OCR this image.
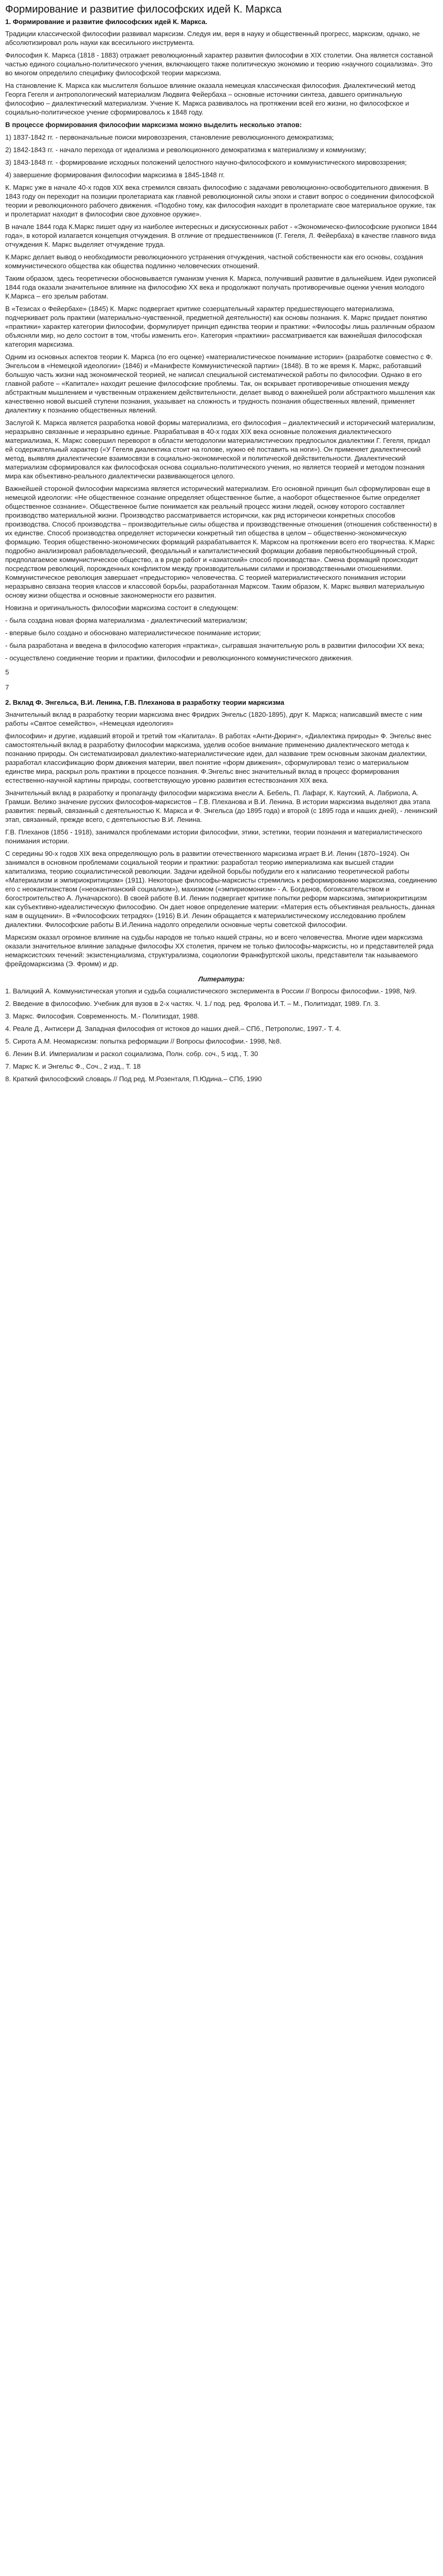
Формирование и развитие философских идей К. Маркса
1. Формирование и развитие философских идей К. Маркса.

Традиции классической философии развивал марксизм. Следуя им, веря в науку и общественный прогресс, марксизм, однако, не абсолютизировал роль науки как всесильного инструмента.

Философия К. Маркса (1818 - 1883) отражает революционный характер развития философии в XIX столетии. Она является составной частью единого социально-политического учения, включающего также политическую экономию и теорию «научного социализма». Это во многом определило специфику философской теории марксизма.

На становление К. Маркса как мыслителя большое влияние оказала немецкая классическая философия. Диалектический метод Георга Гегеля и антропологический материализм Людвига Фейербаха – основные источники синтеза, давшего оригинальную философию – диалектический материализм. Учение К. Маркса развивалось на протяжении всей его жизни, но философское и социально-политическое учение сформировалось к 1848 году.

В процессе формирования философии марксизма можно выделить несколько этапов:

1) 1837-1842 гг. - первоначальные поиски мировоззрения, становление революционного демократизма;

2) 1842-1843 гг. - начало перехода от идеализма и революционного демократизма к материализму и коммунизму;

3) 1843-1848 гг. - формирование исходных положений целостного научно-философского и коммунистического мировоззрения;

4) завершение формирования философии марксизма в 1845-1848 гг.

К. Маркс уже в начале 40-х годов XIX века стремился связать философию с задачами революционно-освободительного движения. В 1843 году он переходит на позиции пролетариата как главной революционной силы эпохи и ставит вопрос о соединении философской теории и революционного рабочего движения. «Подобно тому, как философия находит в пролетариате свое материальное оружие, так и пролетариат находит в философии свое духовное оружие».

В начале 1844 года К.Маркс пишет одну из наиболее интересных и дискуссионных работ - «Экономическо-философские рукописи 1844 года», в которой излагается концепция отчуждения. В отличие от предшественников (Г. Гегеля, Л. Фейербаха) в качестве главного вида отчуждения К. Маркс выделяет отчуждение труда.

К.Маркс делает вывод о необходимости революционного устранения отчуждения, частной собственности как его основы, создания коммунистического общества как общества подлинно человеческих отношений.

Таким образом, здесь теоретически обосновывается гуманизм учения К. Маркса, получивший развитие в дальнейшем. Идеи рукописей 1844 года оказали значительное влияние на философию XX века и продолжают получать противоречивые оценки учения молодого К.Маркса – его зрелым работам.

В «Тезисах о Фейербахе» (1845) К. Маркс подвергает критике созерцательный характер предшествующего материализма, подчеркивает роль практики (материально-чувственной, предметной деятельности) как основы познания. К. Маркс придает понятию «практики» характер категории философии, формулирует принцип единства теории и практики: «Философы лишь различным образом объясняли мир, но дело состоит в том, чтобы изменить его». Категория «практики» рассматривается как важнейшая философская категория марксизма.

Одним из основных аспектов теории К. Маркса (по его оценке) «материалистическое понимание истории» (разработке совместно с Ф. Энгельсом в «Немецкой идеологии» (1846) и «Манифесте Коммунистической партии» (1848). В то же время К. Маркс, работавший большую часть жизни над экономической теорией, не написал специальной систематической работы по философии. Однако в его главной работе – «Капитале» находит решение философские проблемы. Так, он вскрывает противоречивые отношения между абстрактным мышлением и чувственным отражением действительности, делает вывод о важнейшей роли абстрактного мышления как качественно новой высшей ступени познания, указывает на сложность и трудность познания общественных явлений, применяет диалектику к познанию общественных явлений.

Заслугой К. Маркса является разработка новой формы материализма, его философия – диалектический и исторический материализм, неразрывно связанные и неразрывно единые. Разрабатывая в 40-х годах XIX века основные положения диалектического материализма, К. Маркс совершил переворот в области методологии материалистических предпосылок диалектики Г. Гегеля, придал ей содержательный характер («У Гегеля диалектика стоит на голове, нужно её поставить на ноги»). Он применяет диалектический метод, выявляя диалектические взаимосвязи в социально-экономической и политической действительности. Диалектический материализм сформировался как философская основа социально-политического учения, но является теорией и методом познания мира как объективно-реального диалектически развивающегося целого.

Важнейшей стороной философии марксизма является исторический материализм. Его основной принцип был сформулирован еще в немецкой идеологии: «Не общественное сознание определяет общественное бытие, а наоборот общественное бытие определяет общественное сознание». Общественное бытие понимается как реальный процесс жизни людей, основу которого составляет производство материальной жизни. Производство рассматривается историчски, как ряд исторически конкретных способов производства. Способ производства – производительные силы общества и производственные отношения (отношения собственности) в их единстве. Способ производства определяет исторически конкретный тип общества в целом – общественно-экономическую формацию. Теория общественно-экономических формаций разрабатывается К. Марксом на протяжении всего его творчества. К.Маркс подробно анализировал рабовладельческий, феодальный и капиталистический формации добавив первобытнообщинный строй, предполагаемое коммунистическое общество, а в ряде работ и «азиатский» способ производства». Смена формаций происходит посредством революций, порожденных конфликтом между производительными силами и производственными отношениями. Коммунистическое революция завершает «предысторию» человечества. С теорией материалистического понимания истории неразрывно связана теория классов и классовой борьбы, разработанная Марксом. Таким образом, К. Маркс выявил материальную основу жизни общества и основные закономерности его развития.

Новизна и оригинальность философии марксизма состоит в следующем:

- была создана новая форма материализма - диалектический материализм;

- впервые было создано и обосновано материалистическое понимание истории;

- была разработана и введена в философию категория «практика», сыгравшая значительную роль в развитии философии XX века;

- осуществлено соединение теории и практики, философии и революционного коммунистического движения.

5

7

2. Вклад Ф. Энгельса, В.И. Ленина, Г.В. Плеханова в разработку теории марксизма

Значительный вклад в разработку теории марксизма внес Фридрих Энгельс (1820-1895), друг К. Маркса; написавший вместе с ним работы «Святое семейство», «Немецкая идеология»

философии» и другие, издавший второй и третий том «Капитала». В работах «Анти-Дюринг», «Диалектика природы» Ф. Энгельс внес самостоятельный вклад в разработку философии марксизма, уделив особое внимание применению диалектического метода к познанию природы. Он систематизировал диалектико-материалистические идеи, дал название трем основным законам диалектики, разработал классификацию форм движения материи, ввел понятие «форм движения», сформулировал тезис о материальном единстве мира, раскрыл роль практики в процессе познания. Ф.Энгельс внес значительный вклад в процесс формирования естественно-научной картины природы, соответствующую уровню развития естествознания XIX века.

Значительный вклад в разработку и пропаганду философии марксизма внесли А. Бебель, П. Лафарг, К. Каутский, А. Лабриола, А. Грамши. Велико значение русских философов-марксистов – Г.В. Плеханова и В.И. Ленина. В истории марксизма выделяют два этапа развития: первый, связанный с деятельностью К. Маркса и Ф. Энгельса (до 1895 года) и второй (с 1895 года и наших дней), - ленинский этап, связанный, прежде всего, с деятельностью В.И. Ленина.

Г.В. Плеханов (1856 - 1918), занимался проблемами истории философии, этики, эстетики, теории познания и материалистического понимания истории.

С середины 90-х годов XIX века определяющую роль в развитии отечественного марксизма играет В.И. Ленин (1870–1924). Он занимался в основном проблемами социальной теории и практики: разработал теорию империализма как высшей стадии капитализма, теорию социалистической революции. Задачи идейной борьбы побудили его к написанию теоретической работы «Материализм и эмпириокритицизм» (1911). Некоторые философы-марксисты стремились к реформированию марксизма, соединению его с неокантианством («неокантианский социализм»), махизмом («эмпириомонизм» - А. Богданов, богоискательством и богостроительство А. Луначарского). В своей работе В.И. Ленин подвергает критике попытки реформ марксизма, эмпириокритицизм как субъективно-идеалистическую философию. Он дает новое определение материи: «Материя есть объективная реальность, данная нам в ощущении». В «Философских тетрадях» (1916) В.И. Ленин обращается к материалистическому исследованию проблем диалектики. Философские работы В.И.Ленина надолго определили основные черты советской философии.

Марксизм оказал огромное влияние на судьбы народов не только нашей страны, но и всего человечества. Многие идеи марксизма оказали значительное влияние западные философы XX столетия, причем не только философы-марксисты, но и представителей ряда немарксистских течений: экзистенциализма, структурализма, социологии Франкфуртской школы, представители так называемого фрейдомарксизма (Э. Фромм) и др.

Литература:
1. Валицкий А. Коммунистическая утопия и судьба социалистического эксперимента в России // Вопросы философии.- 1998, №9.
2. Введение в философию. Учебник для вузов в 2-х частях. Ч. 1./ под. ред. Фролова И.Т. – М., Политиздат, 1989. Гл. 3.
3. Маркс. Философия. Современность. М.- Политиздат, 1988.
4. Реале Д., Антисери Д. Западная философия от истоков до наших дней.– СПб., Петрополис, 1997.- Т. 4.
5. Сирота А.М. Неомарксизм: попытка реформации // Вопросы философии.- 1998, №8.
6. Ленин В.И. Империализм и раскол социализма, Полн. собр. соч., 5 изд., Т. 30
7. Маркс К. и Энгельс Ф., Соч., 2 изд., Т. 18
8. Краткий философский словарь // Под ред. М.Розенталя, П.Юдина.– СПб, 1990
